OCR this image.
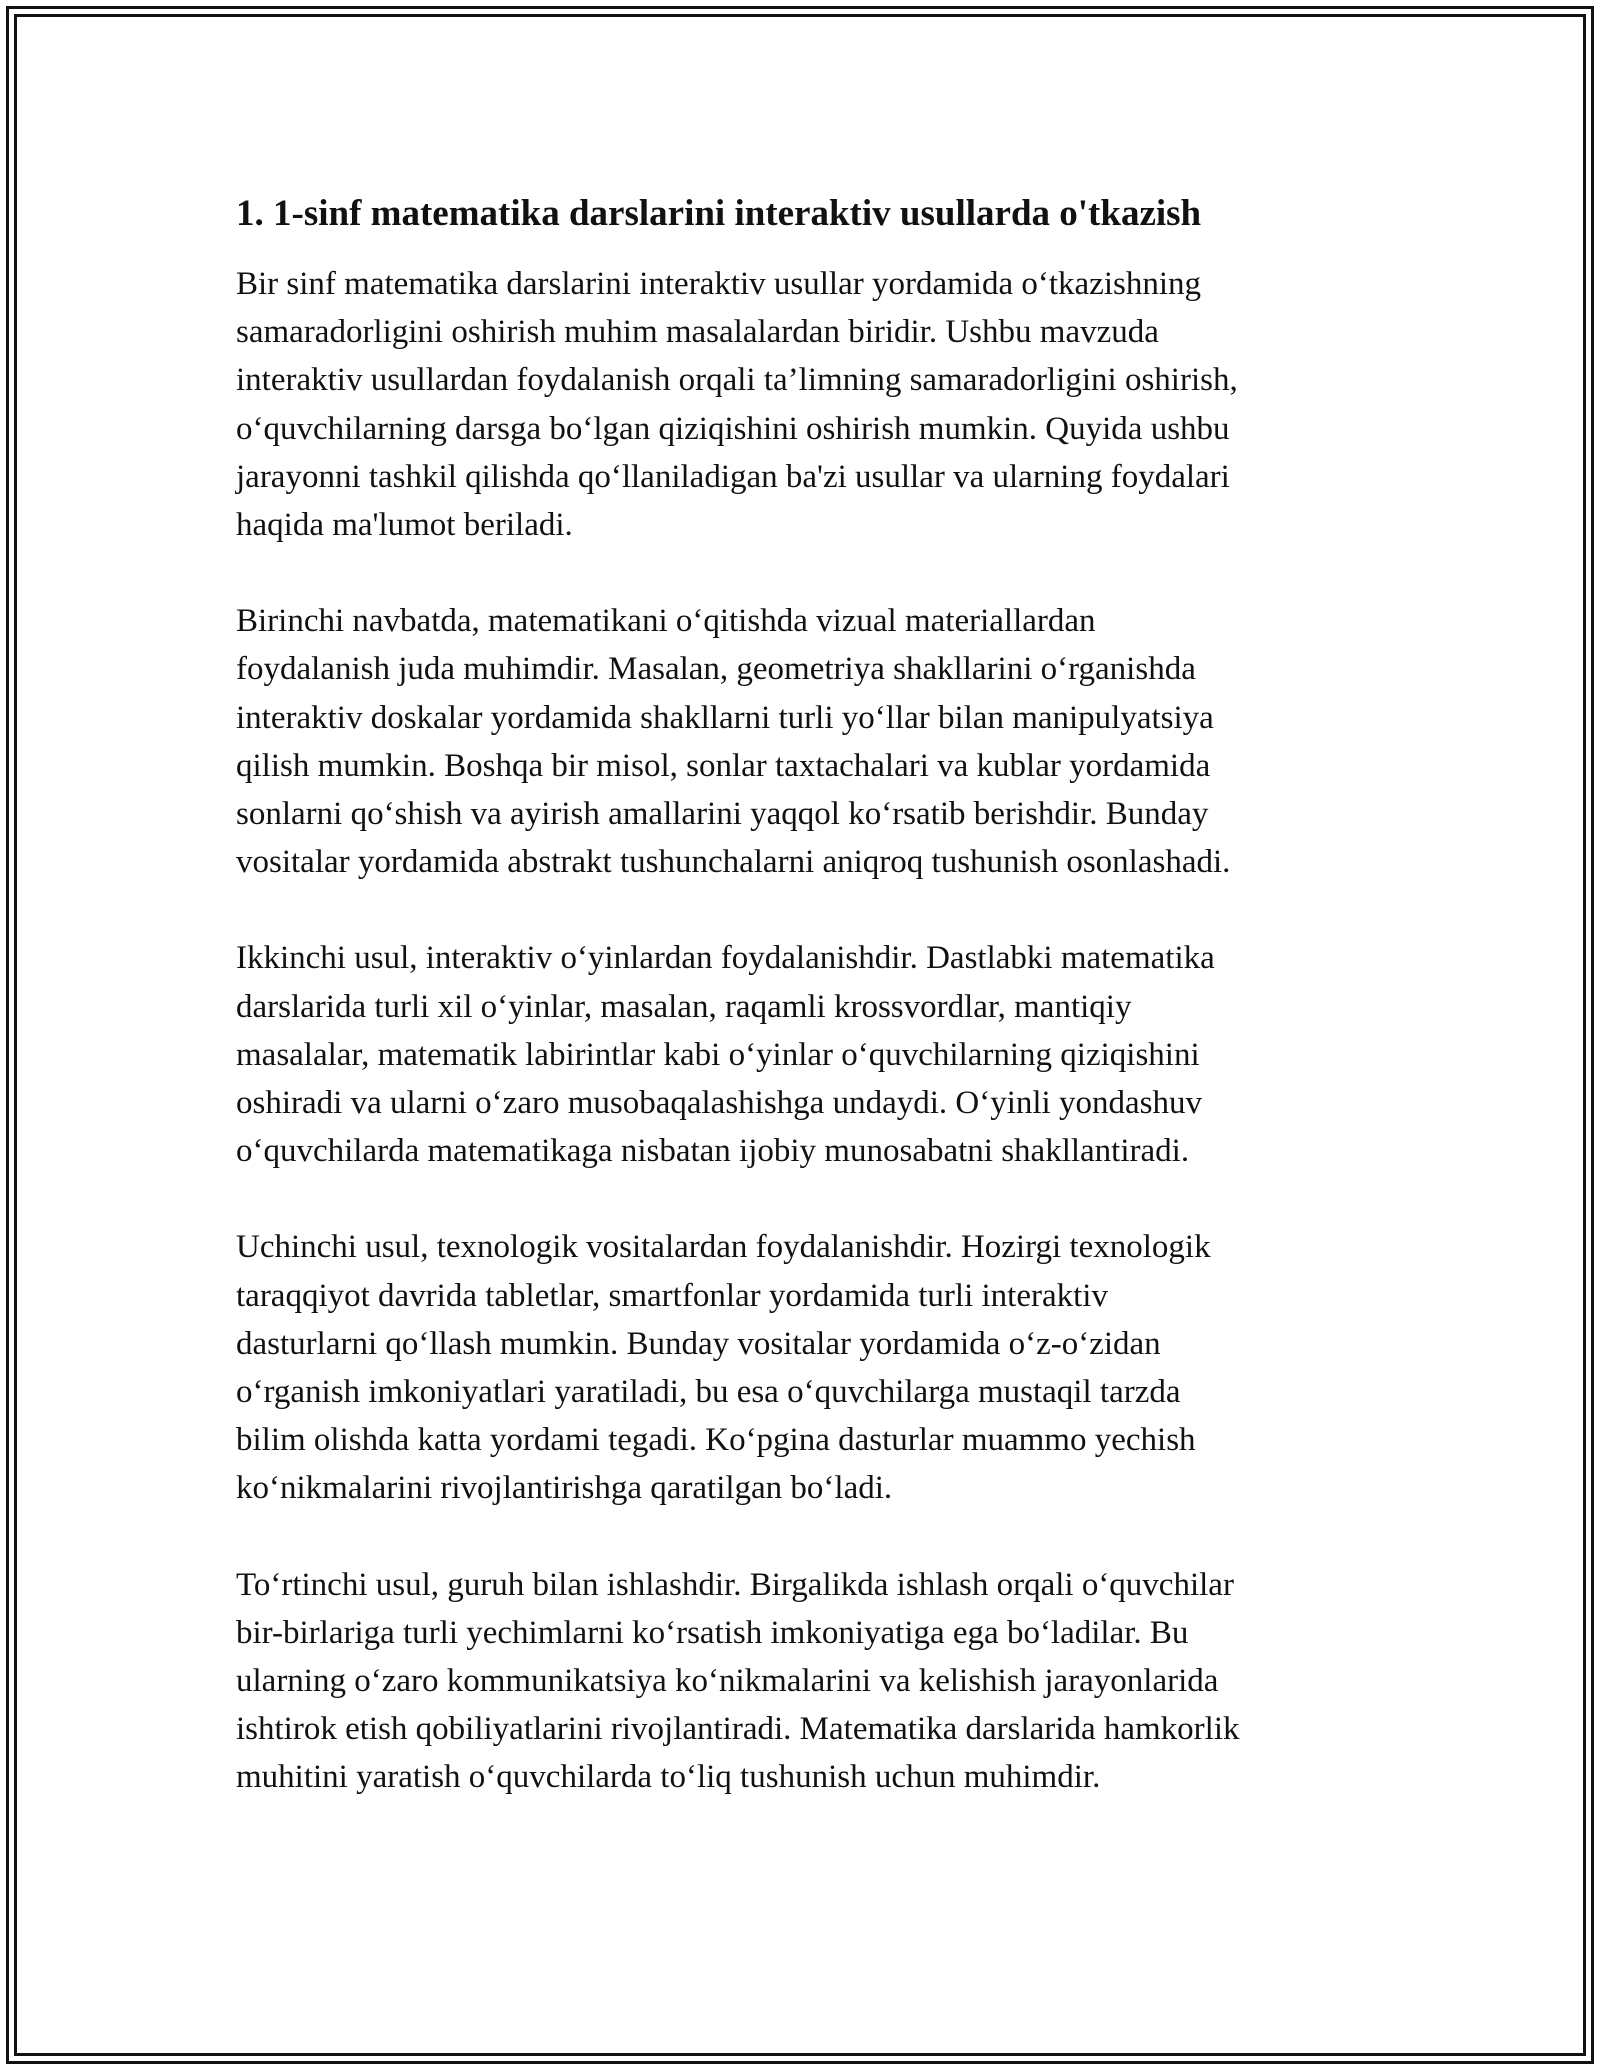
1. 1-sinf matematika darslarini interaktiv usullarda o'tkazish

Bir sinf matematika darslarini interaktiv usullar yordamida o‘tkazishning
samaradorligini oshirish muhim masalalardan biridir. Ushbu mavzuda
interaktiv usullardan foydalanish orqali ta’limning samaradorligini oshirish,
o‘quvchilarning darsga bo‘lgan qiziqishini oshirish mumkin. Quyida ushbu
jarayonni tashkil qilishda qo‘llaniladigan ba'zi usullar va ularning foydalari
haqida ma'lumot beriladi.

Birinchi navbatda, matematikani o‘qitishda vizual materiallardan
foydalanish juda muhimdir. Masalan, geometriya shakllarini o‘rganishda
interaktiv doskalar yordamida shakllarni turli yo‘llar bilan manipulyatsiya
qilish mumkin. Boshqa bir misol, sonlar taxtachalari va kublar yordamida
sonlarni qo‘shish va ayirish amallarini yaqqol ko‘rsatib berishdir. Bunday
vositalar yordamida abstrakt tushunchalarni aniqroq tushunish osonlashadi.

Ikkinchi usul, interaktiv o‘yinlardan foydalanishdir. Dastlabki matematika
darslarida turli xil o‘yinlar, masalan, raqamli krossvordlar, mantiqiy
masalalar, matematik labirintlar kabi o‘yinlar o‘quvchilarning qiziqishini
oshiradi va ularni o‘zaro musobaqalashishga undaydi. O‘yinli yondashuv
o‘quvchilarda matematikaga nisbatan ijobiy munosabatni shakllantiradi.

Uchinchi usul, texnologik vositalardan foydalanishdir. Hozirgi texnologik
taraqqiyot davrida tabletlar, smartfonlar yordamida turli interaktiv
dasturlarni qo‘llash mumkin. Bunday vositalar yordamida o‘z-o‘zidan
o‘rganish imkoniyatlari yaratiladi, bu esa o‘quvchilarga mustaqil tarzda
bilim olishda katta yordami tegadi. Ko‘pgina dasturlar muammo yechish
ko‘nikmalarini rivojlantirishga qaratilgan bo‘ladi.

To‘rtinchi usul, guruh bilan ishlashdir. Birgalikda ishlash orqali o‘quvchilar
bir-birlariga turli yechimlarni ko‘rsatish imkoniyatiga ega bo‘ladilar. Bu
ularning o‘zaro kommunikatsiya ko‘nikmalarini va kelishish jarayonlarida
ishtirok etish qobiliyatlarini rivojlantiradi. Matematika darslarida hamkorlik
muhitini yaratish o‘quvchilarda to‘liq tushunish uchun muhimdir.
